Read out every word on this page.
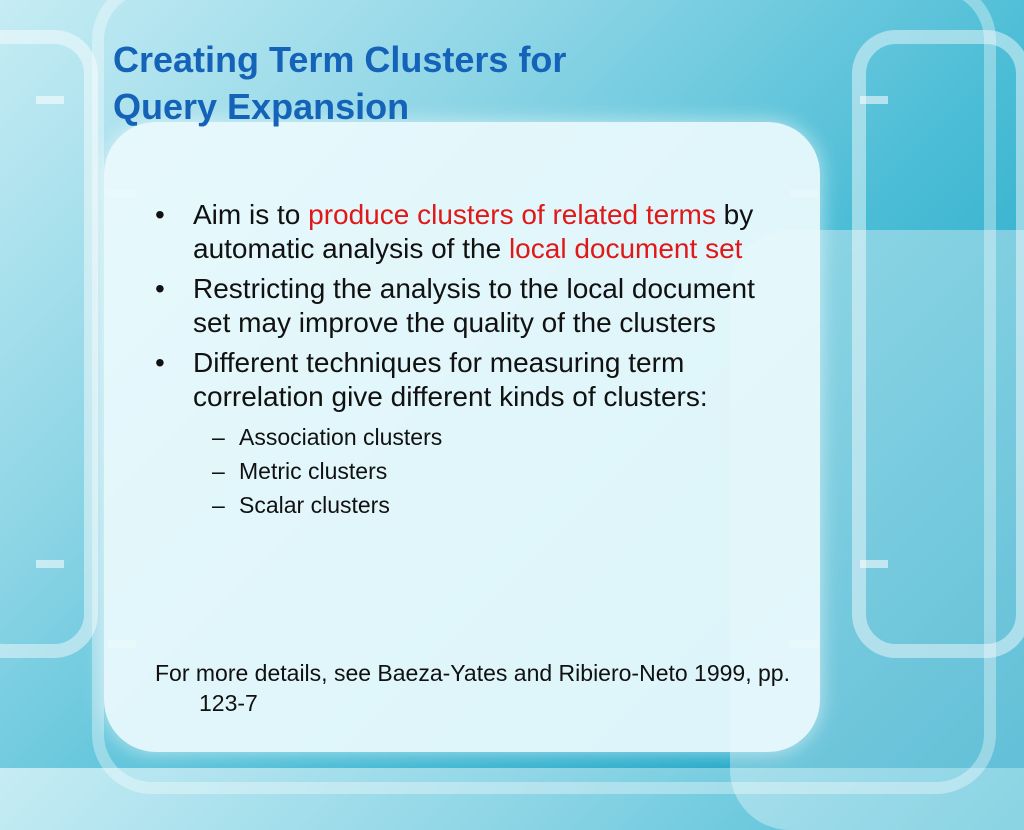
Creating Term Clusters for
Query Expansion
• Aim is to produce clusters of related terms by automatic analysis of the local document set
• Restricting the analysis to the local document set may improve the quality of the clusters
• Different techniques for measuring term correlation give different kinds of clusters:
– Association clusters
– Metric clusters
– Scalar clusters
For more details, see Baeza-Yates and Ribiero-Neto 1999, pp. 123-7
